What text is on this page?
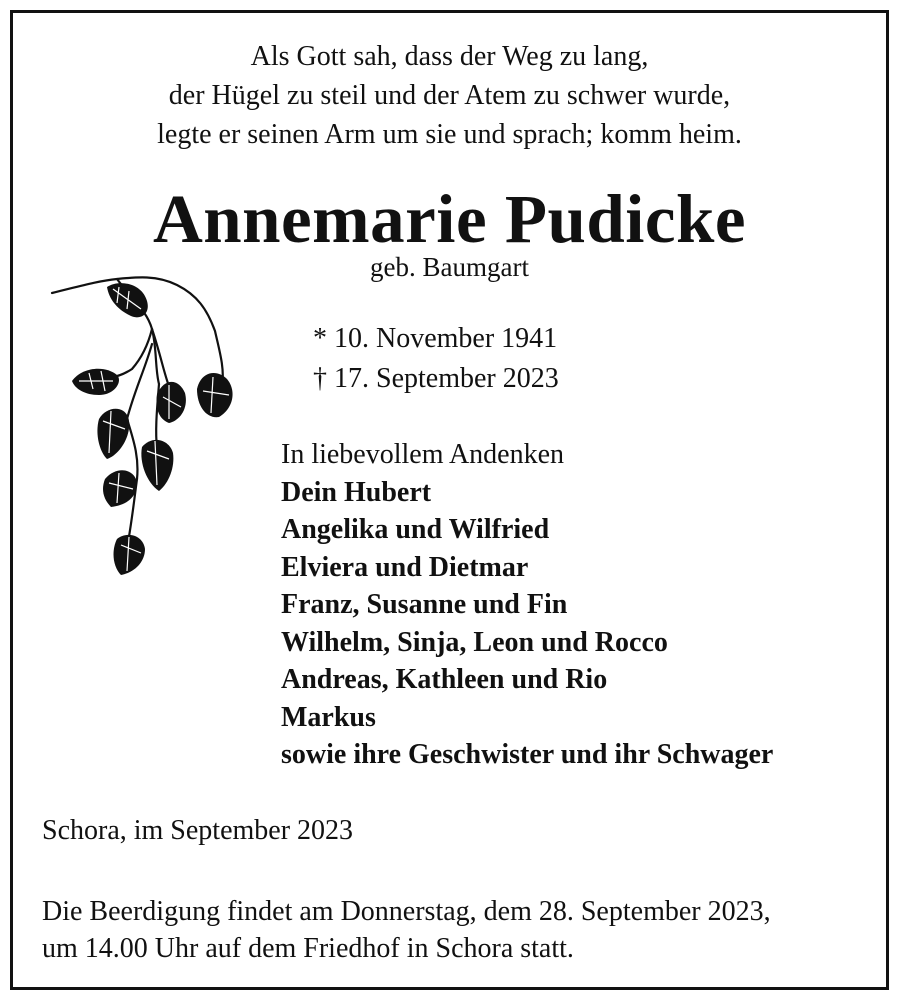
Als Gott sah, dass der Weg zu lang,
der Hügel zu steil und der Atem zu schwer wurde,
legte er seinen Arm um sie und sprach; komm heim.
Annemarie Pudicke
geb. Baumgart
* 10. November 1941
† 17. September 2023
In liebevollem Andenken
Dein Hubert
Angelika und Wilfried
Elviera und Dietmar
Franz, Susanne und Fin
Wilhelm, Sinja, Leon und Rocco
Andreas, Kathleen und Rio
Markus
sowie ihre Geschwister und ihr Schwager
Schora, im September 2023
Die Beerdigung findet am Donnerstag, dem 28. September 2023,
um 14.00 Uhr auf dem Friedhof in Schora statt.
